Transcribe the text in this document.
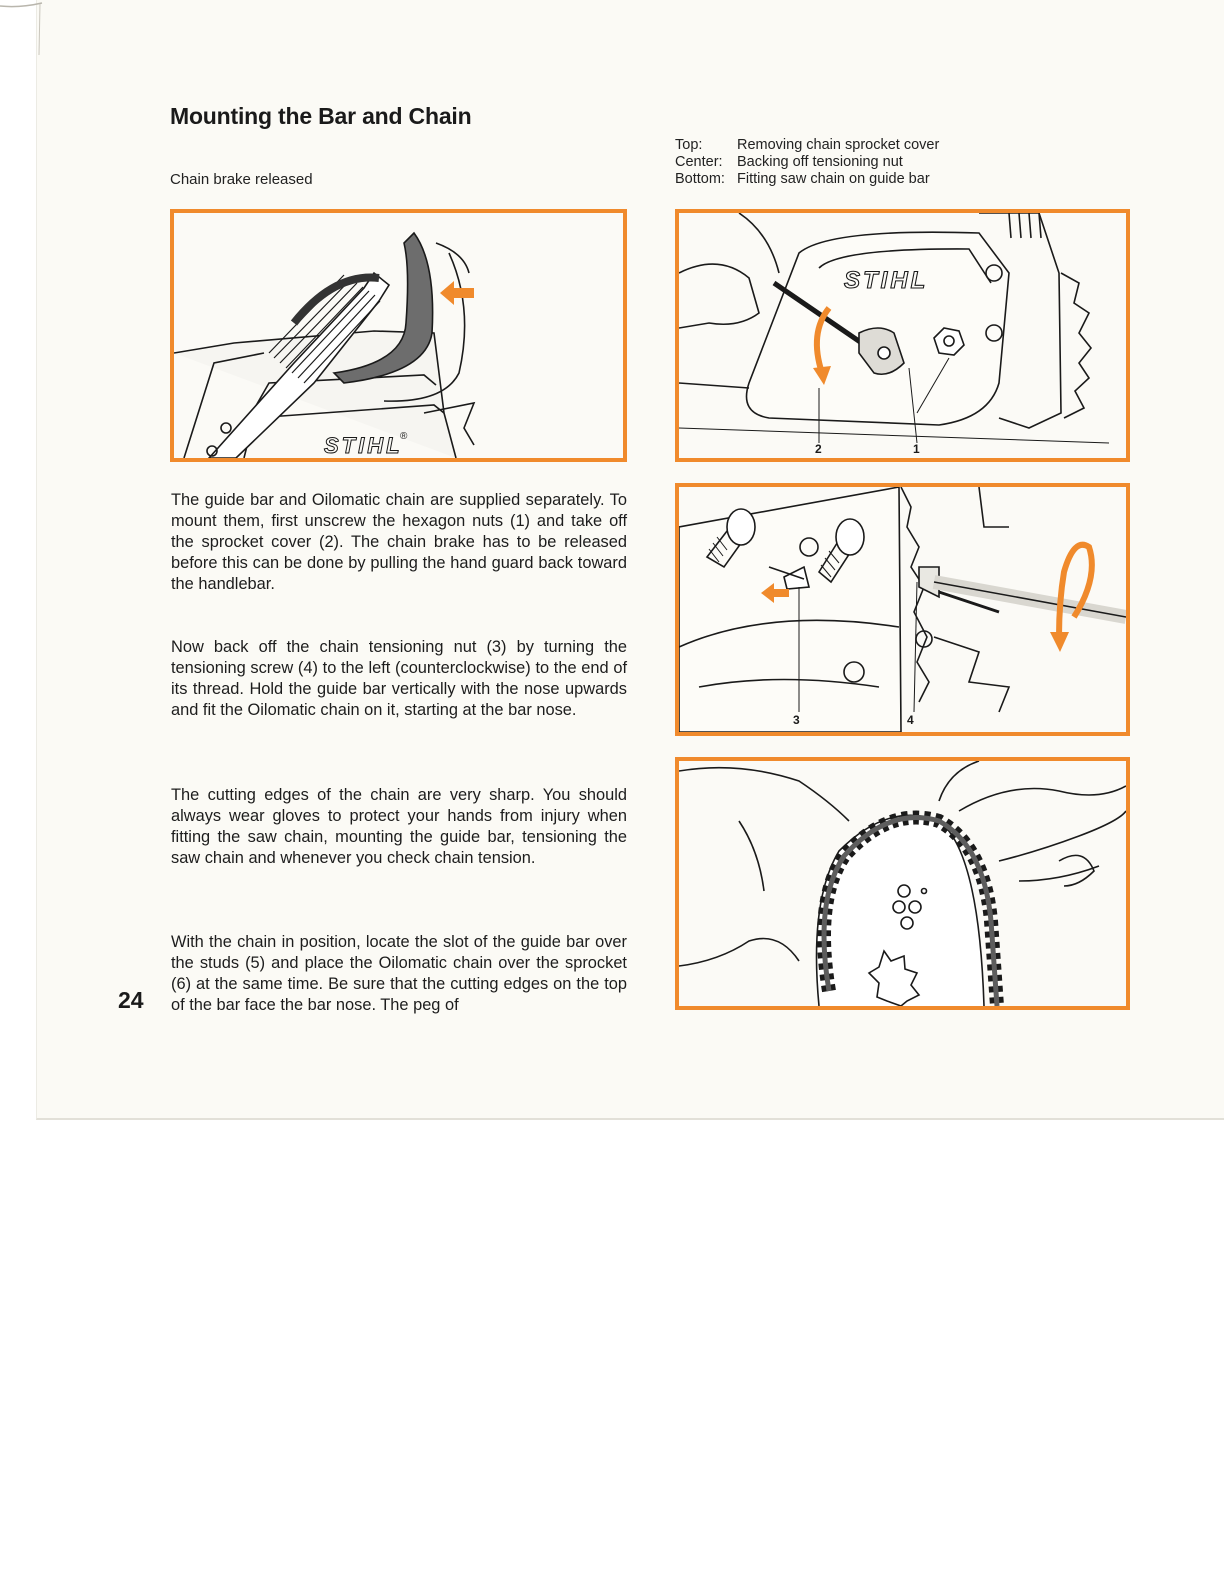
Mounting the Bar and Chain
Chain brake released
Top:	Removing chain sprocket cover
Center: Backing off tensioning nut
Bottom: Fitting saw chain on guide bar
STIHL
®
STIHL
2	1
3	4

The guide bar and Oilomatic chain are supplied separately. To mount them, first unscrew the hexagon nuts (1) and take off the sprocket cover (2). The chain brake has to be released before this can be done by pulling the hand guard back toward the handlebar.

Now back off the chain tensioning nut (3) by turning the tensioning screw (4) to the left (counterclockwise) to the end of its thread. Hold the guide bar vertically with the nose upwards and fit the Oilomatic chain on it, starting at the bar nose.

The cutting edges of the chain are very sharp. You should always wear gloves to protect your hands from injury when fitting the saw chain, mounting the guide bar, tensioning the saw chain and whenever you check chain tension.

With the chain in position, locate the slot of the guide bar over the studs (5) and place the Oilomatic chain over the sprocket (6) at the same time. Be sure that the cutting edges on the top of the bar face the bar nose. The peg of

24
